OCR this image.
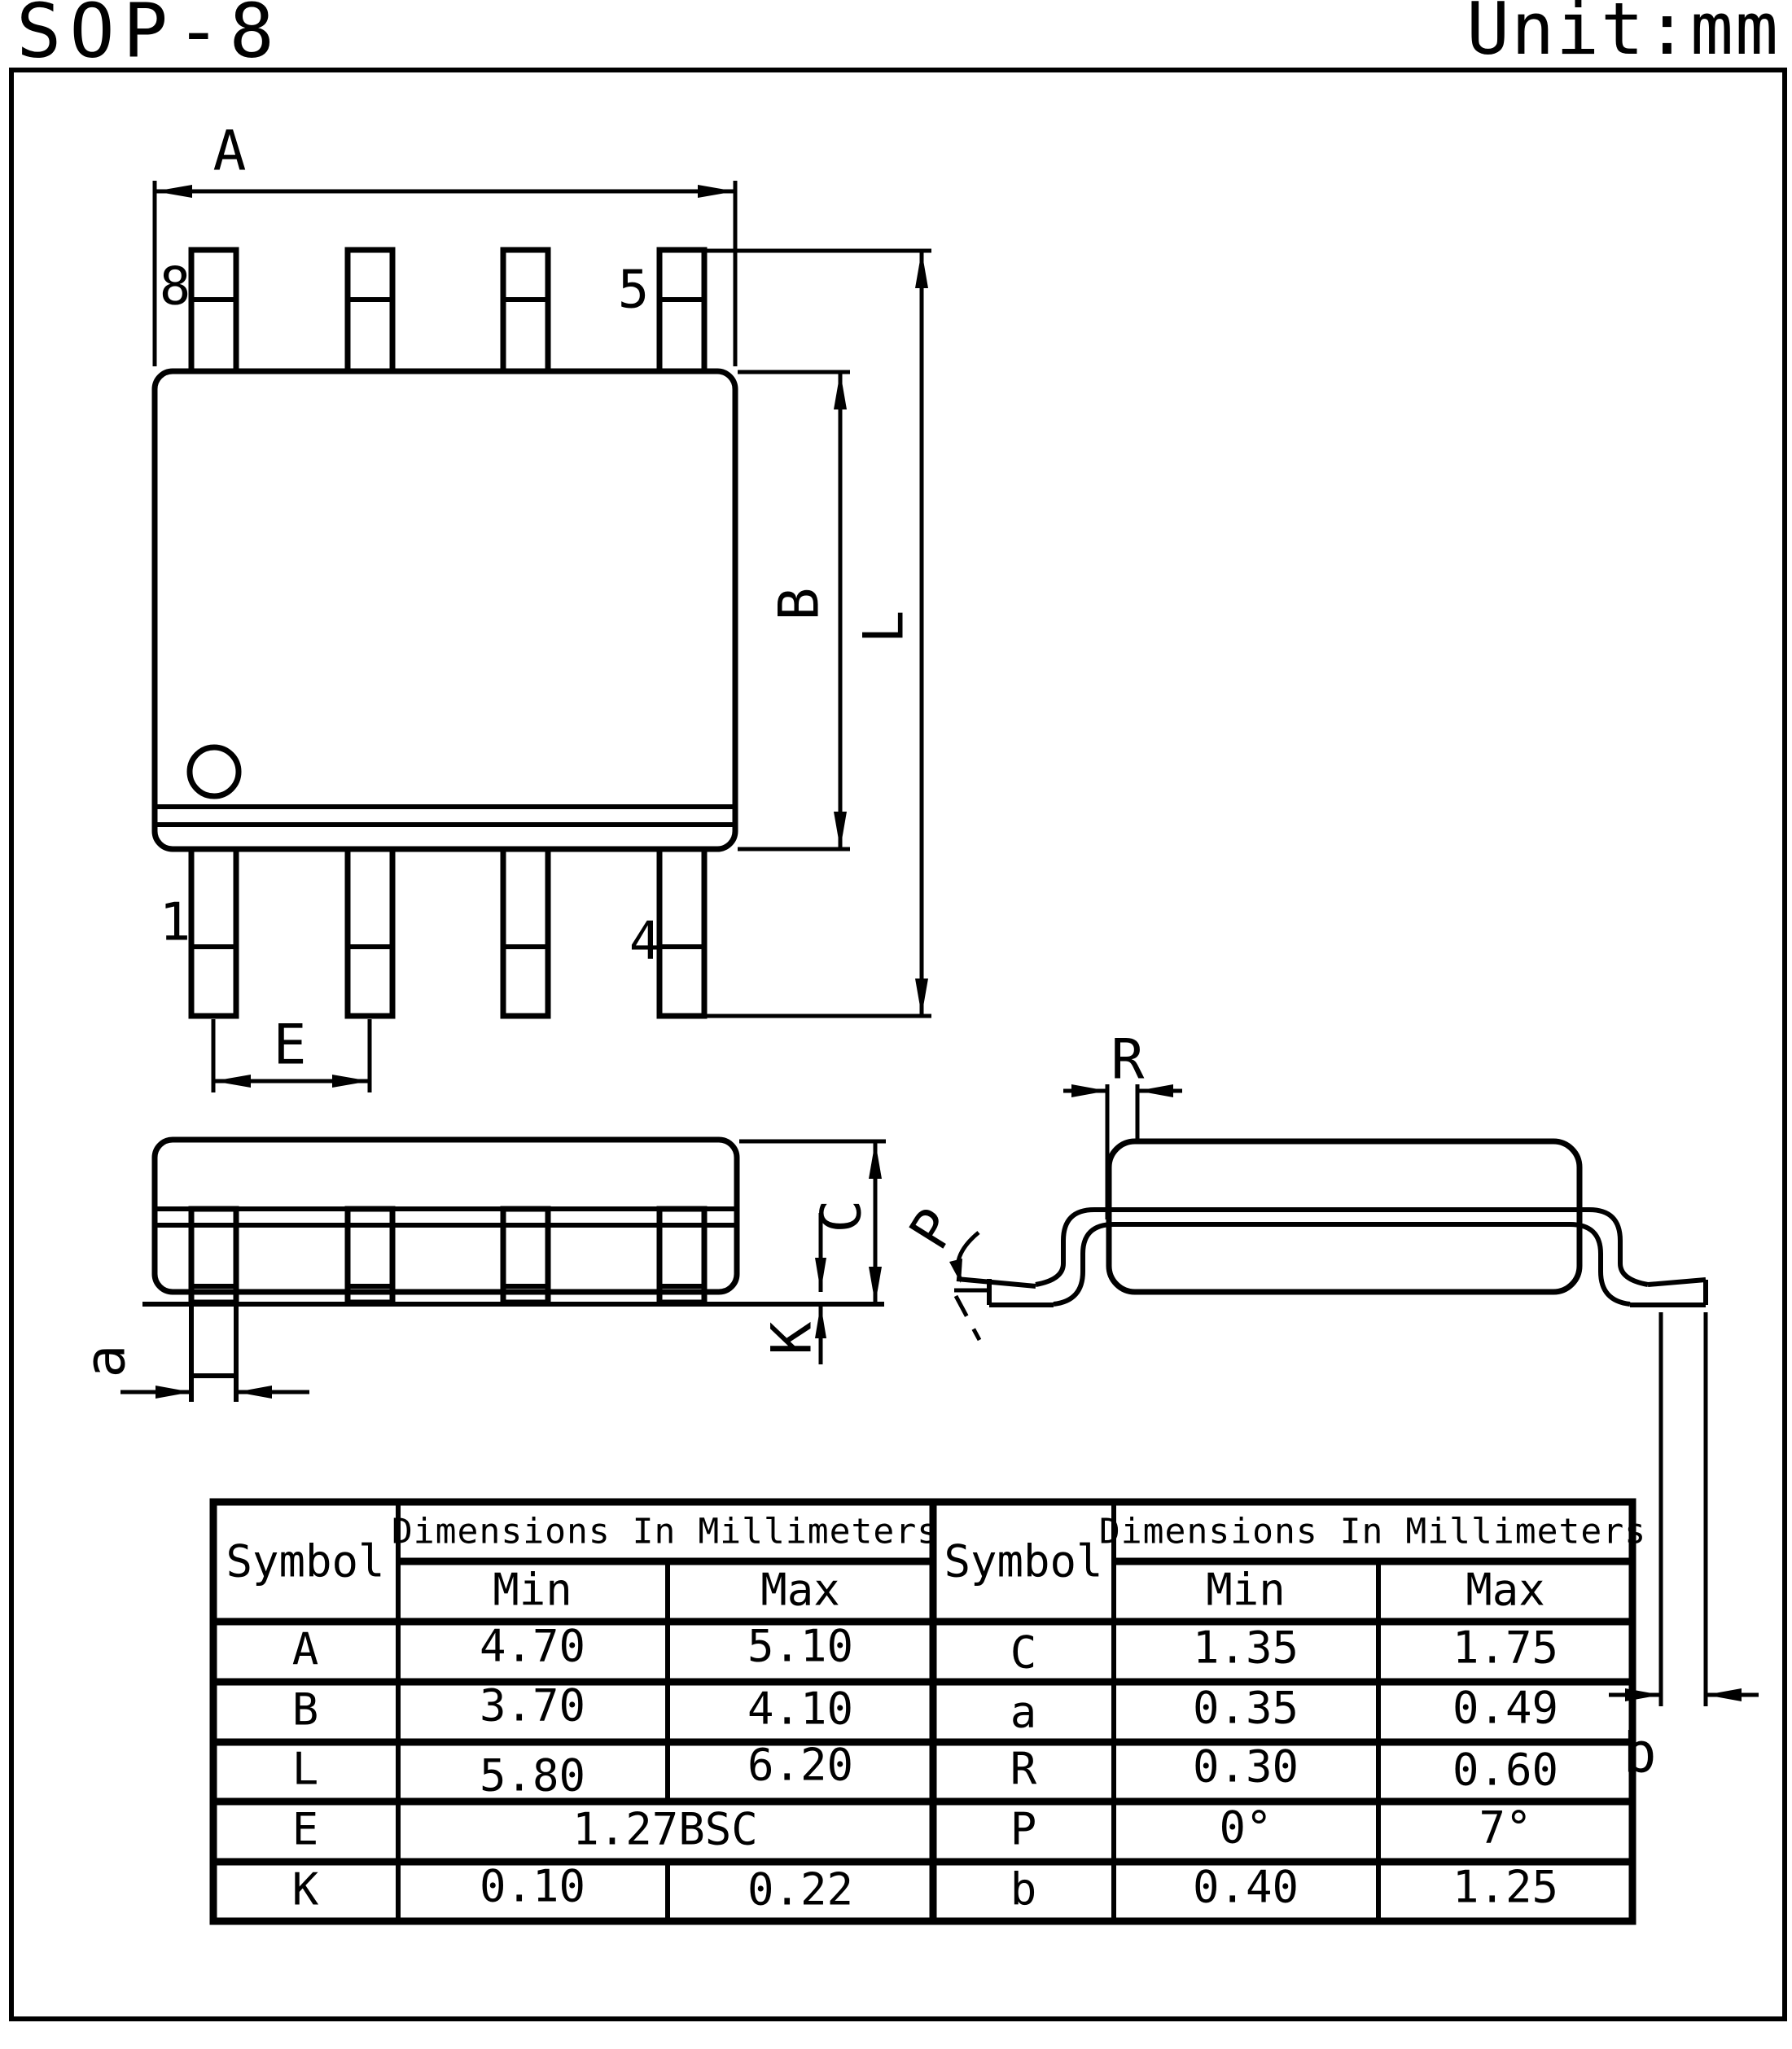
SOP-8	Unit:mm
8	5
1	4
A
B
L
E
a
C
K
R
P
b
Symbol
Dimensions In Millimeters
Min	Max
A	4.70	5.10
B	3.70	4.10
L	5.80	6.20
E	1.27BSC
K	0.10	0.22
Symbol
Dimensions In Millimeters
Min	Max
C	1.35	1.75
a	0.35	0.49
R	0.30	0.60
P	0°	7°
b	0.40	1.25
